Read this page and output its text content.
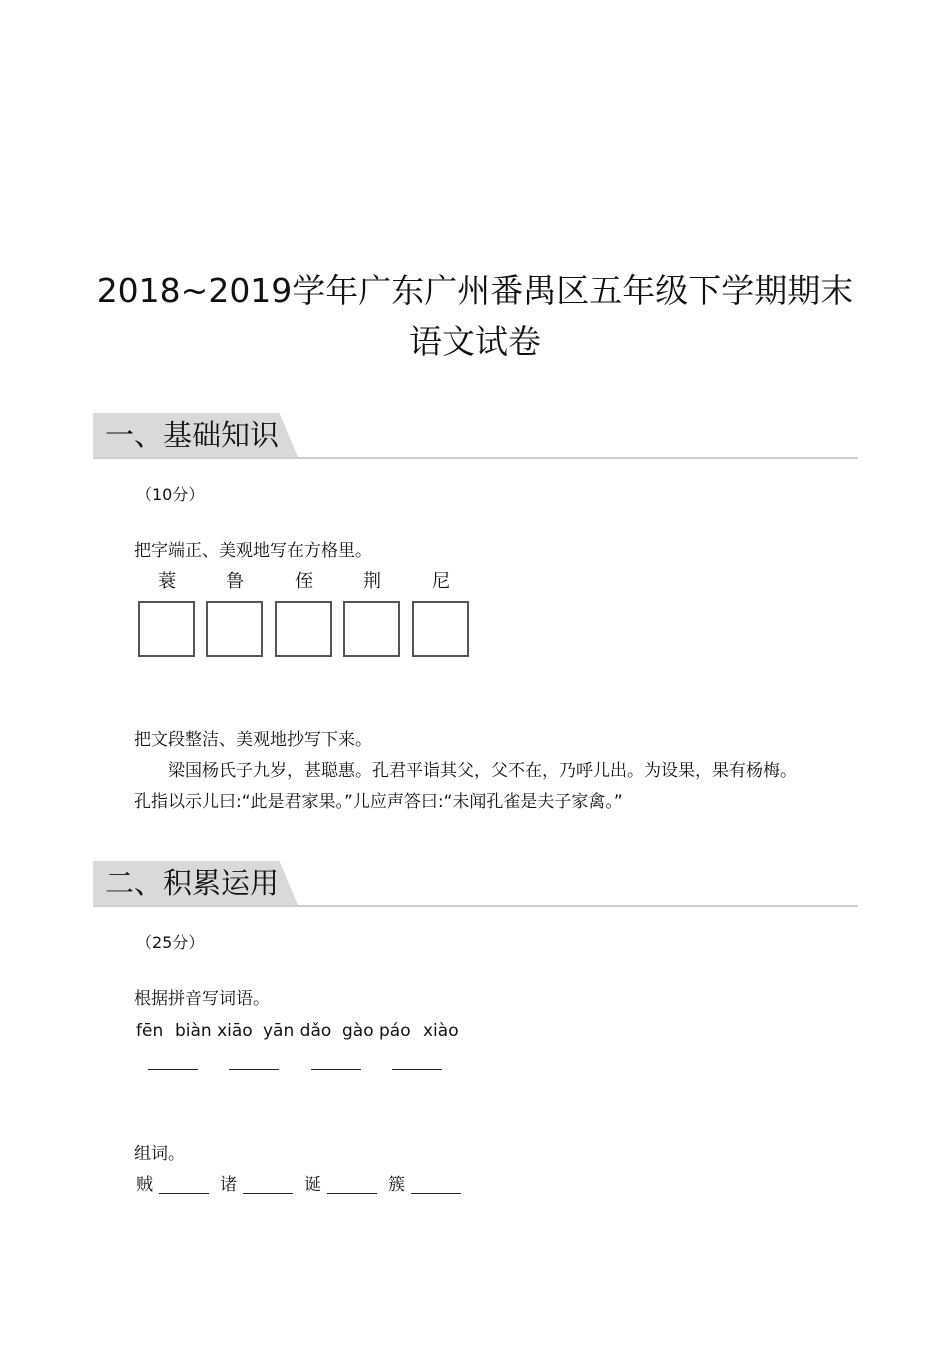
2018~2019学年广东广州番禺区五年级下学期期末
语文试卷
一、基础知识
（10分）
把字端正、美观地写在方格里。
蓑	鲁	侄	荆	尼
把文段整洁、美观地抄写下来。
梁国杨氏子九岁，甚聪惠。孔君平诣其父，父不在，乃呼儿出。为设果，果有杨梅。
孔指以示儿曰:“此是君家果。”儿应声答曰:“未闻孔雀是夫子家禽。”
二、积累运用
（25分）
根据拼音写词语。
fēn biàn xiāo yān dǎo gào páo xiào
组词。
贼	诸	诞	簇
